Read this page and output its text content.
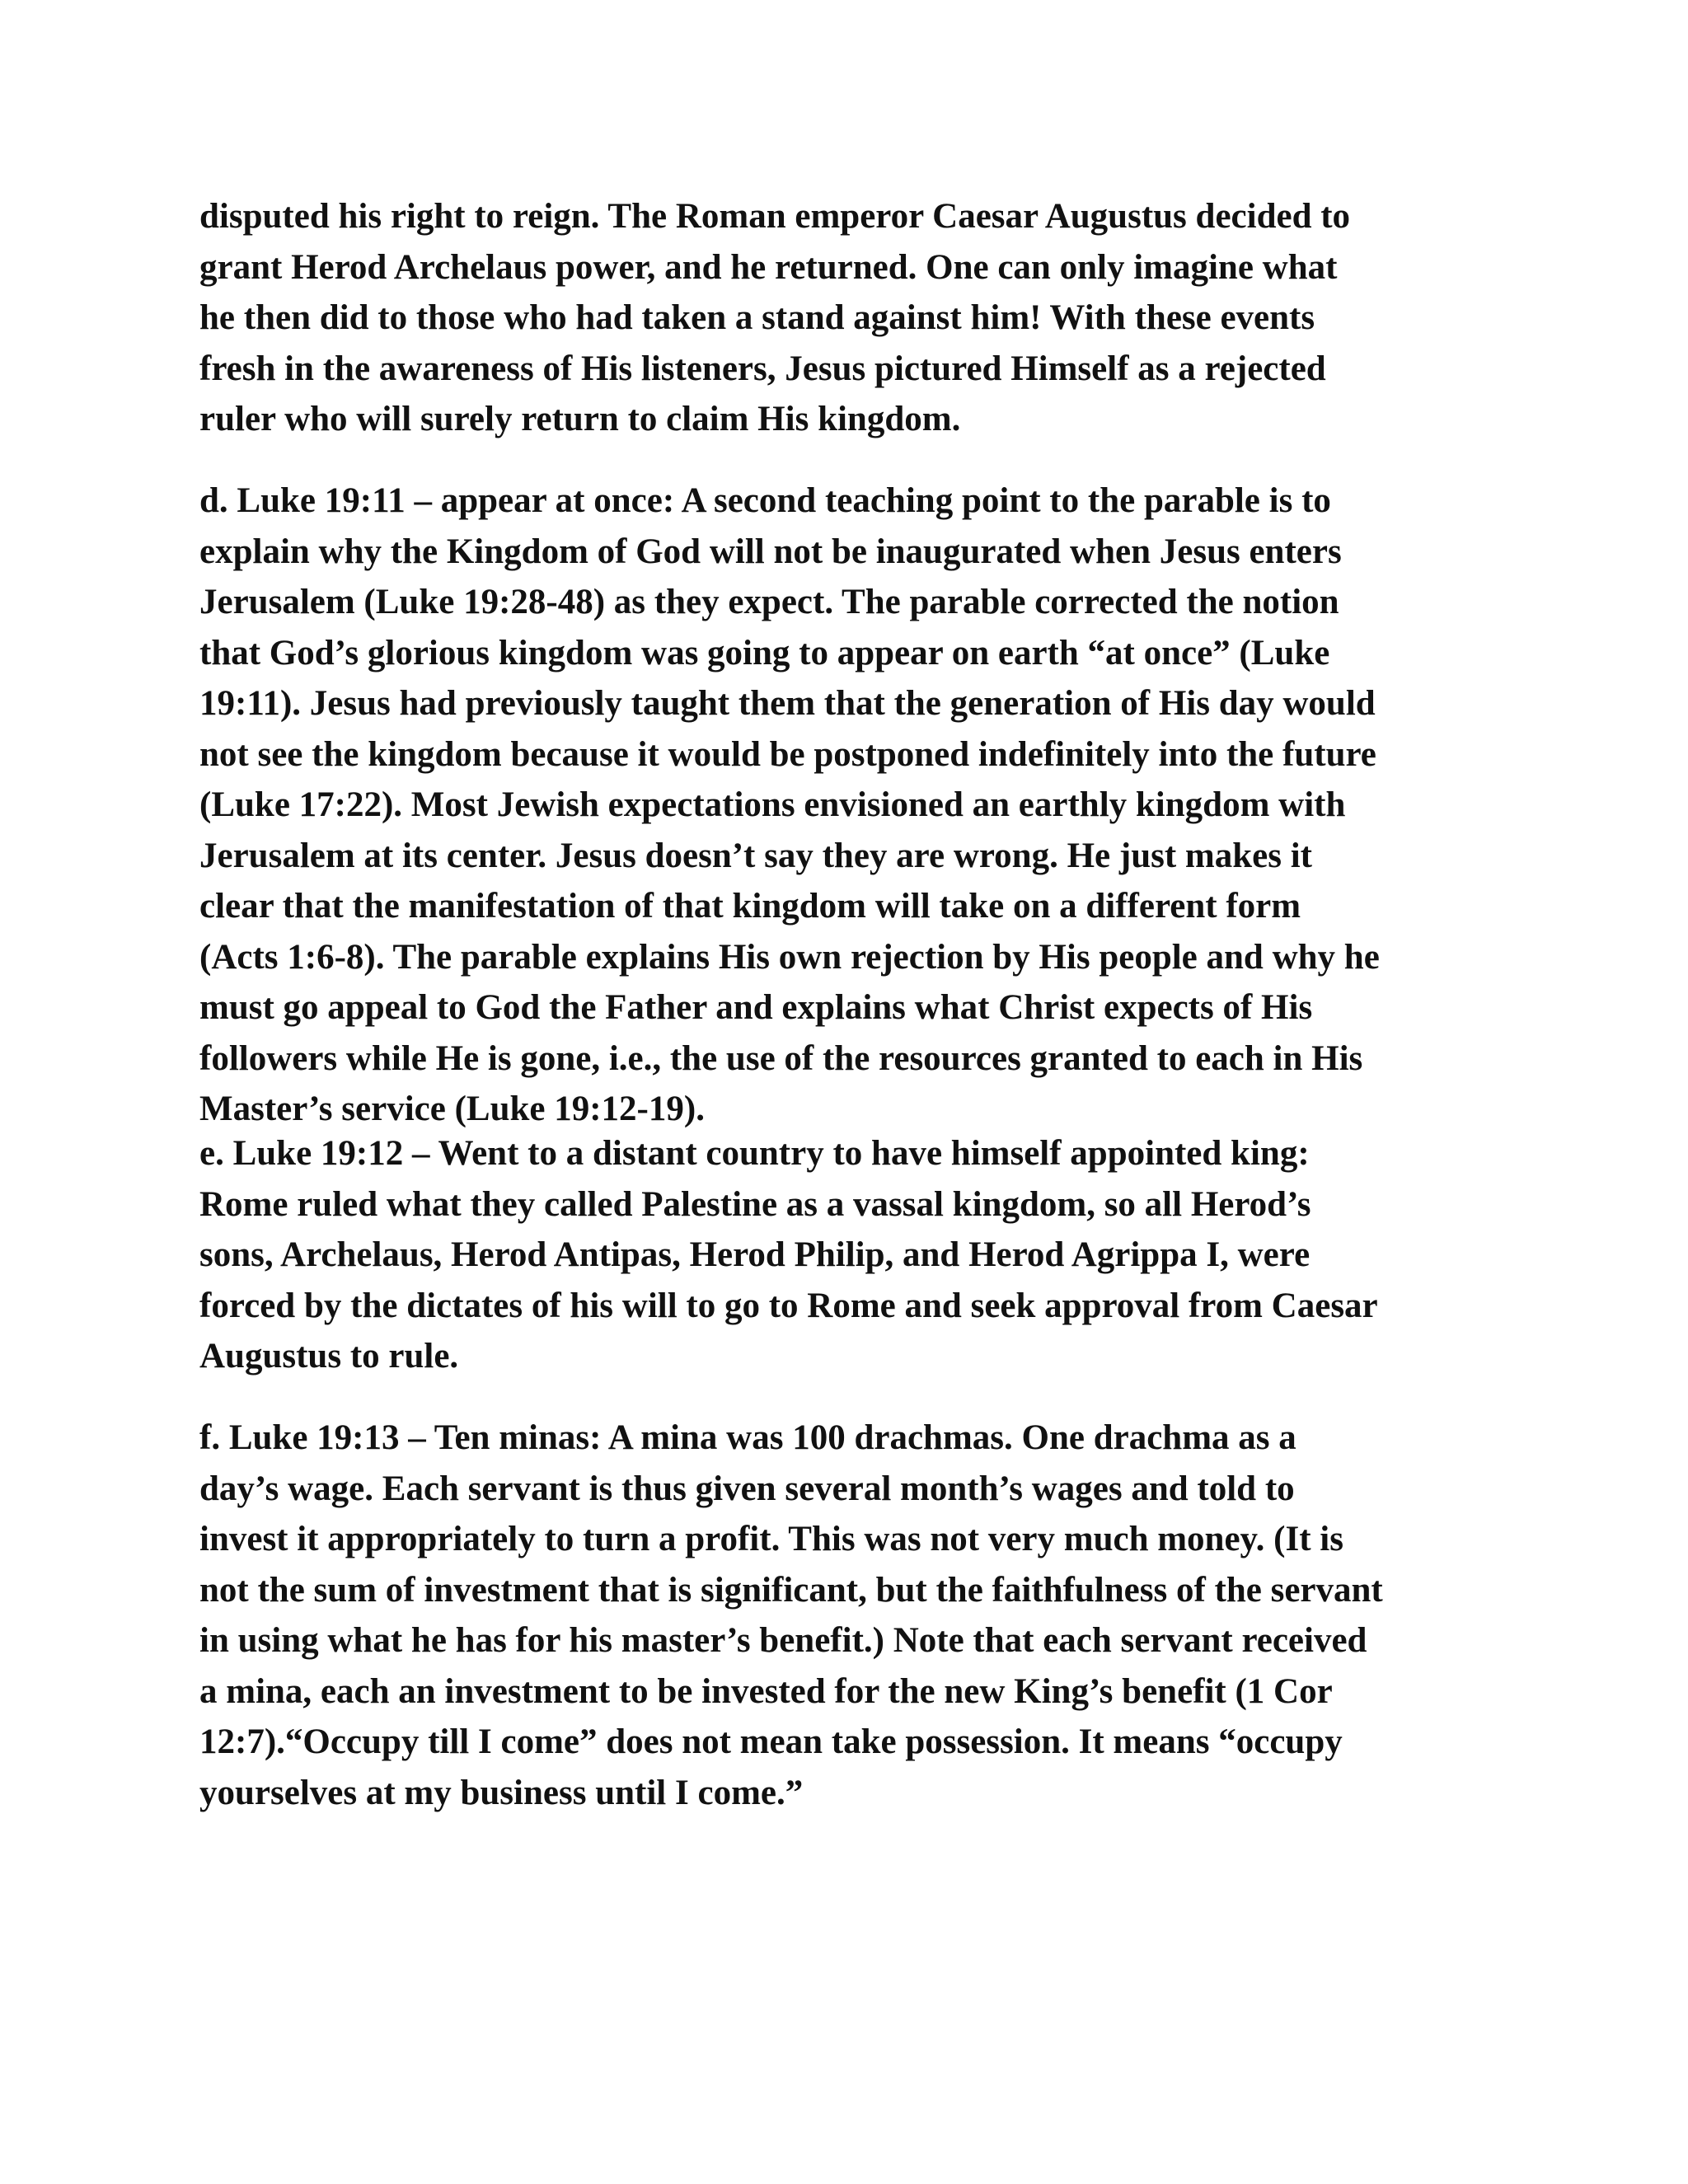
disputed his right to reign. The Roman emperor Caesar Augustus decided to
grant Herod Archelaus power, and he returned. One can only imagine what
he then did to those who had taken a stand against him! With these events
fresh in the awareness of His listeners, Jesus pictured Himself as a rejected
ruler who will surely return to claim His kingdom.
d. Luke 19:11 – appear at once: A second teaching point to the parable is to
explain why the Kingdom of God will not be inaugurated when Jesus enters
Jerusalem (Luke 19:28-48) as they expect. The parable corrected the notion
that God’s glorious kingdom was going to appear on earth “at once” (Luke
19:11). Jesus had previously taught them that the generation of His day would
not see the kingdom because it would be postponed indefinitely into the future
(Luke 17:22). Most Jewish expectations envisioned an earthly kingdom with
Jerusalem at its center. Jesus doesn’t say they are wrong. He just makes it
clear that the manifestation of that kingdom will take on a different form
(Acts 1:6-8). The parable explains His own rejection by His people and why he
must go appeal to God the Father and explains what Christ expects of His
followers while He is gone, i.e., the use of the resources granted to each in His
Master’s service (Luke 19:12-19).
e. Luke 19:12 – Went to a distant country to have himself appointed king:
Rome ruled what they called Palestine as a vassal kingdom, so all Herod’s
sons, Archelaus, Herod Antipas, Herod Philip, and Herod Agrippa I, were
forced by the dictates of his will to go to Rome and seek approval from Caesar
Augustus to rule.
f. Luke 19:13 – Ten minas: A mina was 100 drachmas. One drachma as a
day’s wage. Each servant is thus given several month’s wages and told to
invest it appropriately to turn a profit. This was not very much money. (It is
not the sum of investment that is significant, but the faithfulness of the servant
in using what he has for his master’s benefit.) Note that each servant received
a mina, each an investment to be invested for the new King’s benefit (1 Cor
12:7).“Occupy till I come” does not mean take possession. It means “occupy
yourselves at my business until I come.”
